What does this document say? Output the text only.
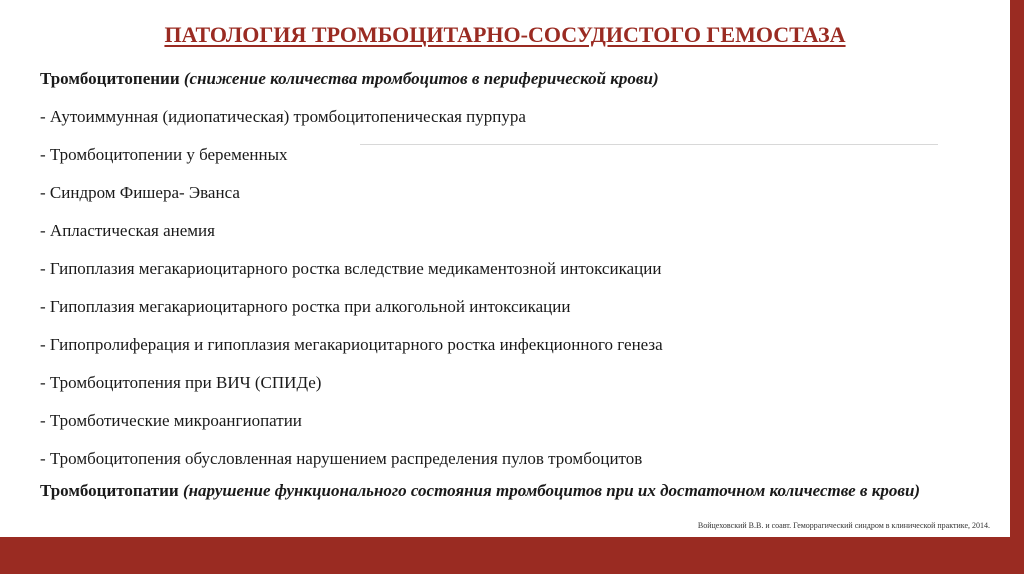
ПАТОЛОГИЯ ТРОМБОЦИТАРНО-СОСУДИСТОГО ГЕМОСТАЗА

Тромбоцитопении (снижение количества тромбоцитов в периферической крови)

- Аутоиммунная (идиопатическая) тромбоцитопеническая пурпура
- Тромбоцитопении у беременных
- Синдром Фишера- Эванса
- Апластическая анемия
- Гипоплазия мегакариоцитарного ростка вследствие медикаментозной интоксикации
- Гипоплазия мегакариоцитарного ростка при алкогольной интоксикации
- Гипопролиферация и гипоплазия мегакариоцитарного ростка инфекционного генеза
- Тромбоцитопения при ВИЧ (СПИДе)
- Тромботические микроангиопатии
- Тромбоцитопения обусловленная нарушением распределения пулов тромбоцитов

Тромбоцитопатии (нарушение функционального состояния тромбоцитов при их достаточном количестве в крови)

Войцеховский В.В. и соавт. Геморрагический синдром в клинической практике, 2014.
